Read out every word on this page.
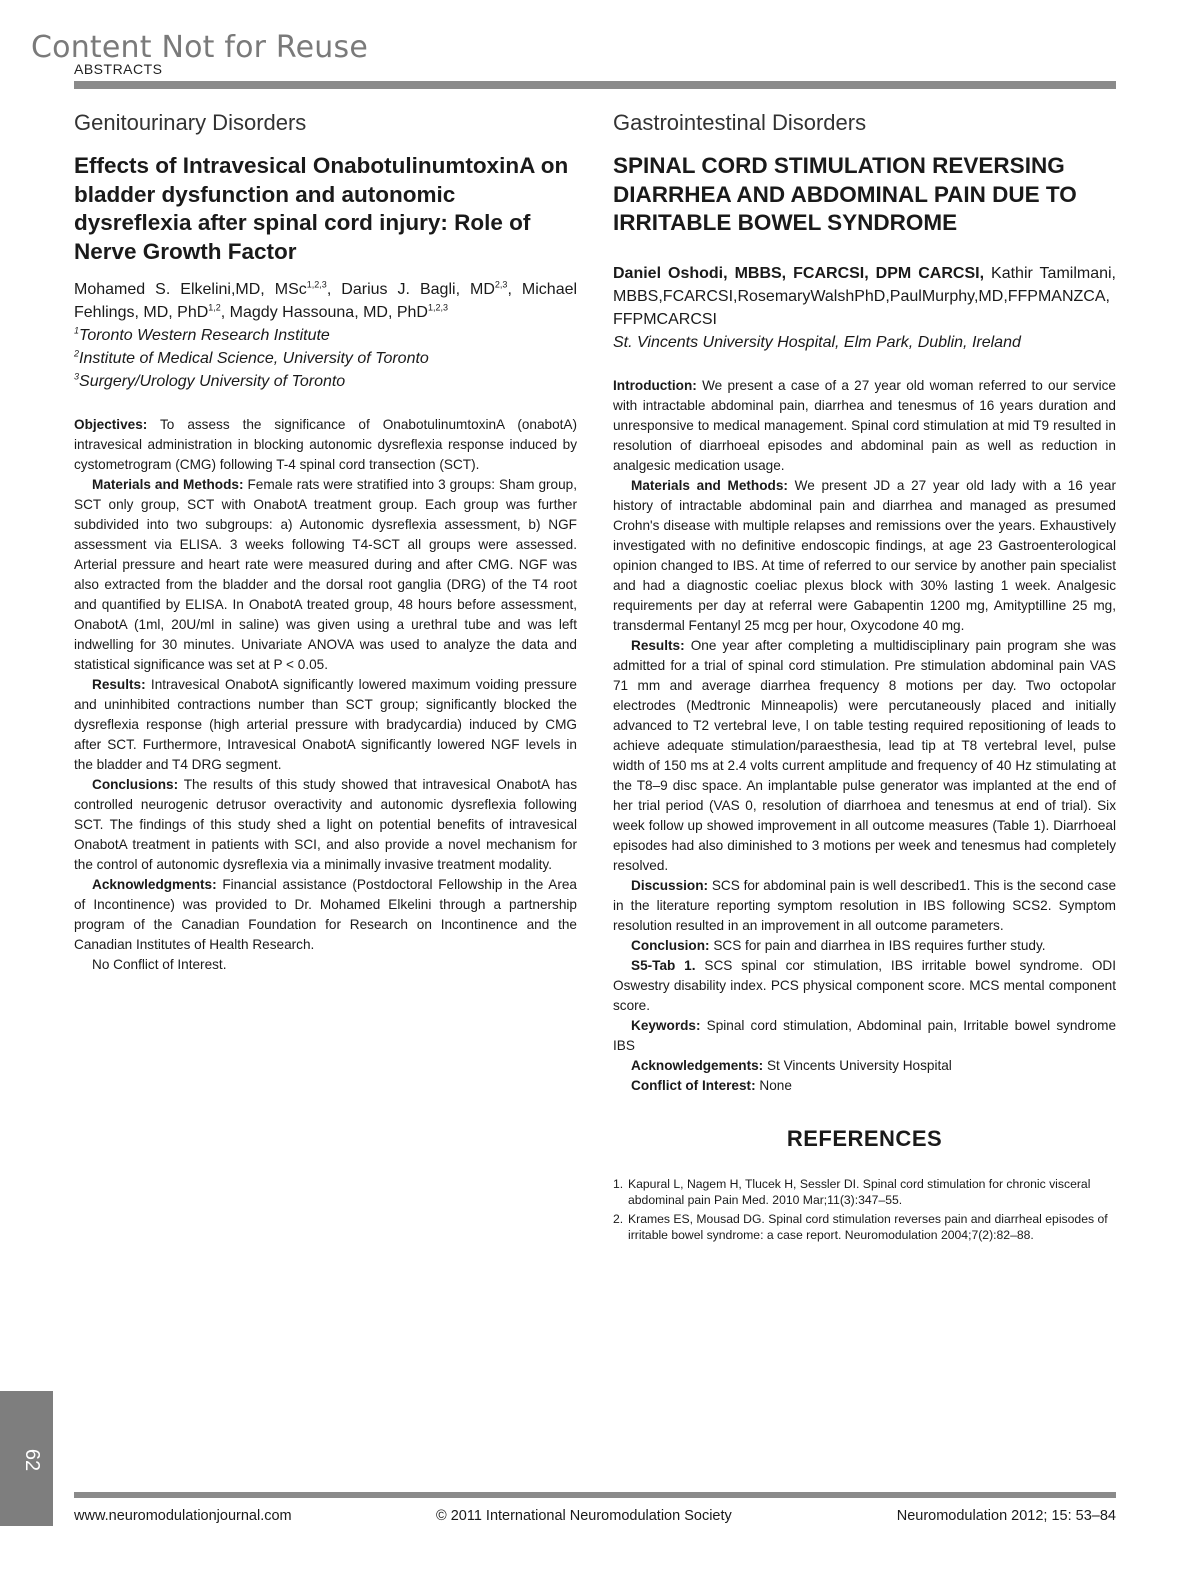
Content Not for Reuse
ABSTRACTS
Genitourinary Disorders
Effects of Intravesical OnabotulinumtoxinA on bladder dysfunction and autonomic dysreflexia after spinal cord injury: Role of Nerve Growth Factor
Mohamed S. Elkelini,MD, MSc$^{1,2,3}$, Darius J. Bagli, MD$^{2,3}$, Michael Fehlings, MD, PhD$^{1,2}$, Magdy Hassouna, MD, PhD$^{1,2,3}$

$^1$Toronto Western Research Institute

$^2$Institute of Medical Science, University of Toronto

$^3$Surgery/Urology University of Toronto

Objectives: To assess the significance of OnabotulinumtoxinA (onabotA) intravesical administration in blocking autonomic dysreflexia response induced by cystometrogram (CMG) following T-4 spinal cord transection (SCT).

Materials and Methods: Female rats were stratified into 3 groups: Sham group, SCT only group, SCT with OnabotA treatment group. Each group was further subdivided into two subgroups: a) Autonomic dysreflexia assessment, b) NGF assessment via ELISA. 3 weeks following T4-SCT all groups were assessed. Arterial pressure and heart rate were measured during and after CMG. NGF was also extracted from the bladder and the dorsal root ganglia (DRG) of the T4 root and quantified by ELISA. In OnabotA treated group, 48 hours before assessment, OnabotA (1ml, 20U/ml in saline) was given using a urethral tube and was left indwelling for 30 minutes. Univariate ANOVA was used to analyze the data and statistical significance was set at P < 0.05.

Results: Intravesical OnabotA significantly lowered maximum voiding pressure and uninhibited contractions number than SCT group; significantly blocked the dysreflexia response (high arterial pressure with bradycardia) induced by CMG after SCT. Furthermore, Intravesical OnabotA significantly lowered NGF levels in the bladder and T4 DRG segment.

Conclusions: The results of this study showed that intravesical OnabotA has controlled neurogenic detrusor overactivity and autonomic dysreflexia following SCT. The findings of this study shed a light on potential benefits of intravesical OnabotA treatment in patients with SCI, and also provide a novel mechanism for the control of autonomic dysreflexia via a minimally invasive treatment modality.

Acknowledgments: Financial assistance (Postdoctoral Fellowship in the Area of Incontinence) was provided to Dr. Mohamed Elkelini through a partnership program of the Canadian Foundation for Research on Incontinence and the Canadian Institutes of Health Research.

No Conflict of Interest.

Gastrointestinal Disorders
SPINAL CORD STIMULATION REVERSING DIARRHEA AND ABDOMINAL PAIN DUE TO IRRITABLE BOWEL SYNDROME
Daniel Oshodi, MBBS, FCARCSI, DPM CARCSI, Kathir Tamilmani, MBBS,FCARCSI,RosemaryWalshPhD,PaulMurphy,MD,FFPMANZCA, FFPMCARCSI

St. Vincents University Hospital, Elm Park, Dublin, Ireland

Introduction: We present a case of a 27 year old woman referred to our service with intractable abdominal pain, diarrhea and tenesmus of 16 years duration and unresponsive to medical management. Spinal cord stimulation at mid T9 resulted in resolution of diarrhoeal episodes and abdominal pain as well as reduction in analgesic medication usage.

Materials and Methods: We present JD a 27 year old lady with a 16 year history of intractable abdominal pain and diarrhea and managed as presumed Crohn's disease with multiple relapses and remissions over the years. Exhaustively investigated with no definitive endoscopic findings, at age 23 Gastroenterological opinion changed to IBS. At time of referred to our service by another pain specialist and had a diagnostic coeliac plexus block with 30% lasting 1 week. Analgesic requirements per day at referral were Gabapentin 1200 mg, Amityptilline 25 mg, transdermal Fentanyl 25 mcg per hour, Oxycodone 40 mg.

Results: One year after completing a multidisciplinary pain program she was admitted for a trial of spinal cord stimulation. Pre stimulation abdominal pain VAS 71 mm and average diarrhea frequency 8 motions per day. Two octopolar electrodes (Medtronic Minneapolis) were percutaneously placed and initially advanced to T2 vertebral leve, l on table testing required repositioning of leads to achieve adequate stimulation/paraesthesia, lead tip at T8 vertebral level, pulse width of 150 ms at 2.4 volts current amplitude and frequency of 40 Hz stimulating at the T8–9 disc space. An implantable pulse generator was implanted at the end of her trial period (VAS 0, resolution of diarrhoea and tenesmus at end of trial). Six week follow up showed improvement in all outcome measures (Table 1). Diarrhoeal episodes had also diminished to 3 motions per week and tenesmus had completely resolved.

Discussion: SCS for abdominal pain is well described1. This is the second case in the literature reporting symptom resolution in IBS following SCS2. Symptom resolution resulted in an improvement in all outcome parameters.

Conclusion: SCS for pain and diarrhea in IBS requires further study.

S5-Tab 1. SCS spinal cor stimulation, IBS irritable bowel syndrome. ODI Oswestry disability index. PCS physical component score. MCS mental component score.

Keywords: Spinal cord stimulation, Abdominal pain, Irritable bowel syndrome IBS

Acknowledgements: St Vincents University Hospital

Conflict of Interest: None

REFERENCES
1. Kapural L, Nagem H, Tlucek H, Sessler DI. Spinal cord stimulation for chronic visceral abdominal pain Pain Med. 2010 Mar;11(3):347–55.
2. Krames ES, Mousad DG. Spinal cord stimulation reverses pain and diarrheal episodes of irritable bowel syndrome: a case report. Neuromodulation 2004;7(2):82–88.
62
www.neuromodulationjournal.com	© 2011 International Neuromodulation Society	Neuromodulation 2012; 15: 53–84
